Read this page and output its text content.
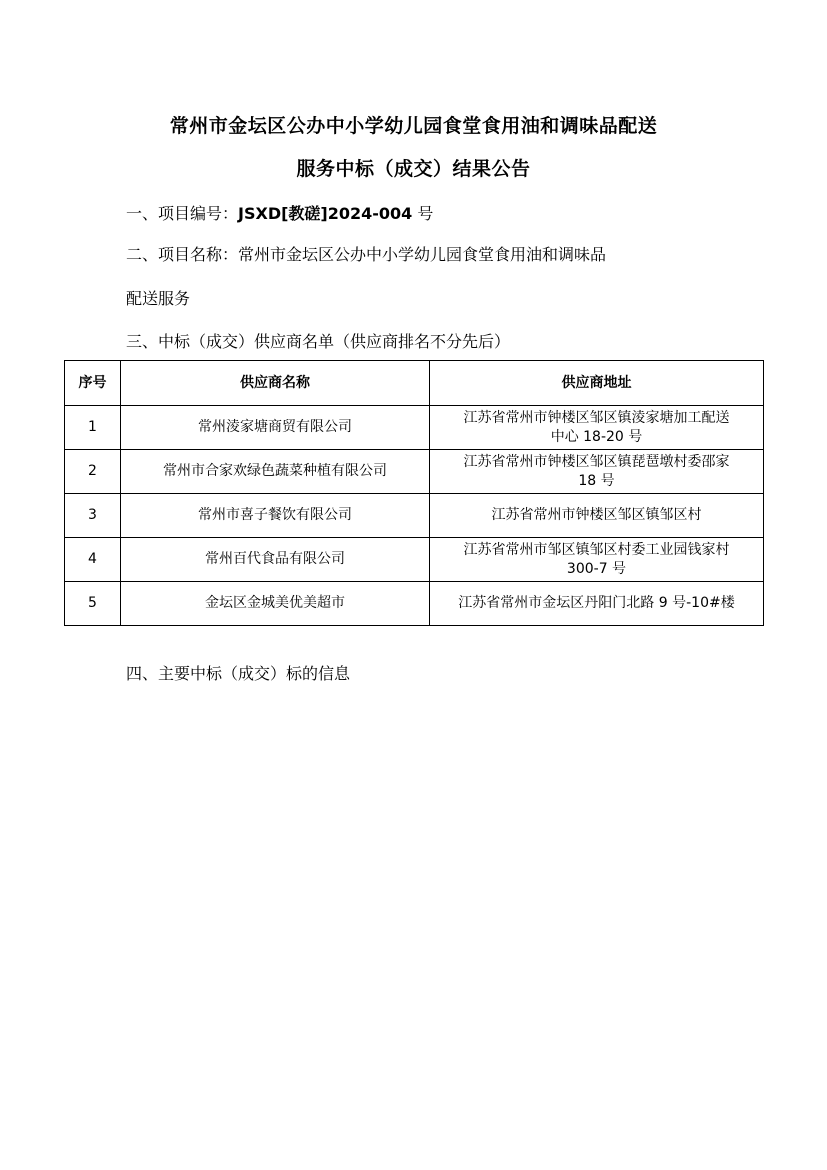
常州市金坛区公办中小学幼儿园食堂食用油和调味品配送
服务中标（成交）结果公告
一、项目编号：JSXD[教磋]2024-004 号
二、项目名称：常州市金坛区公办中小学幼儿园食堂食用油和调味品
配送服务
三、中标（成交）供应商名单（供应商排名不分先后）
序号	供应商名称	供应商地址
1	常州淩家塘商贸有限公司	江苏省常州市钟楼区邹区镇淩家塘加工配送
中心 18-20 号

2	常州市合家欢绿色蔬菜种植有限公司	江苏省常州市钟楼区邹区镇琵琶墩村委邵家
18 号

3	常州市喜子餐饮有限公司	江苏省常州市钟楼区邹区镇邹区村

4	常州百代食品有限公司	江苏省常州市邹区镇邹区村委工业园钱家村
300-7 号

5	金坛区金城美优美超市	江苏省常州市金坛区丹阳门北路 9 号-10#楼
四、主要中标（成交）标的信息
